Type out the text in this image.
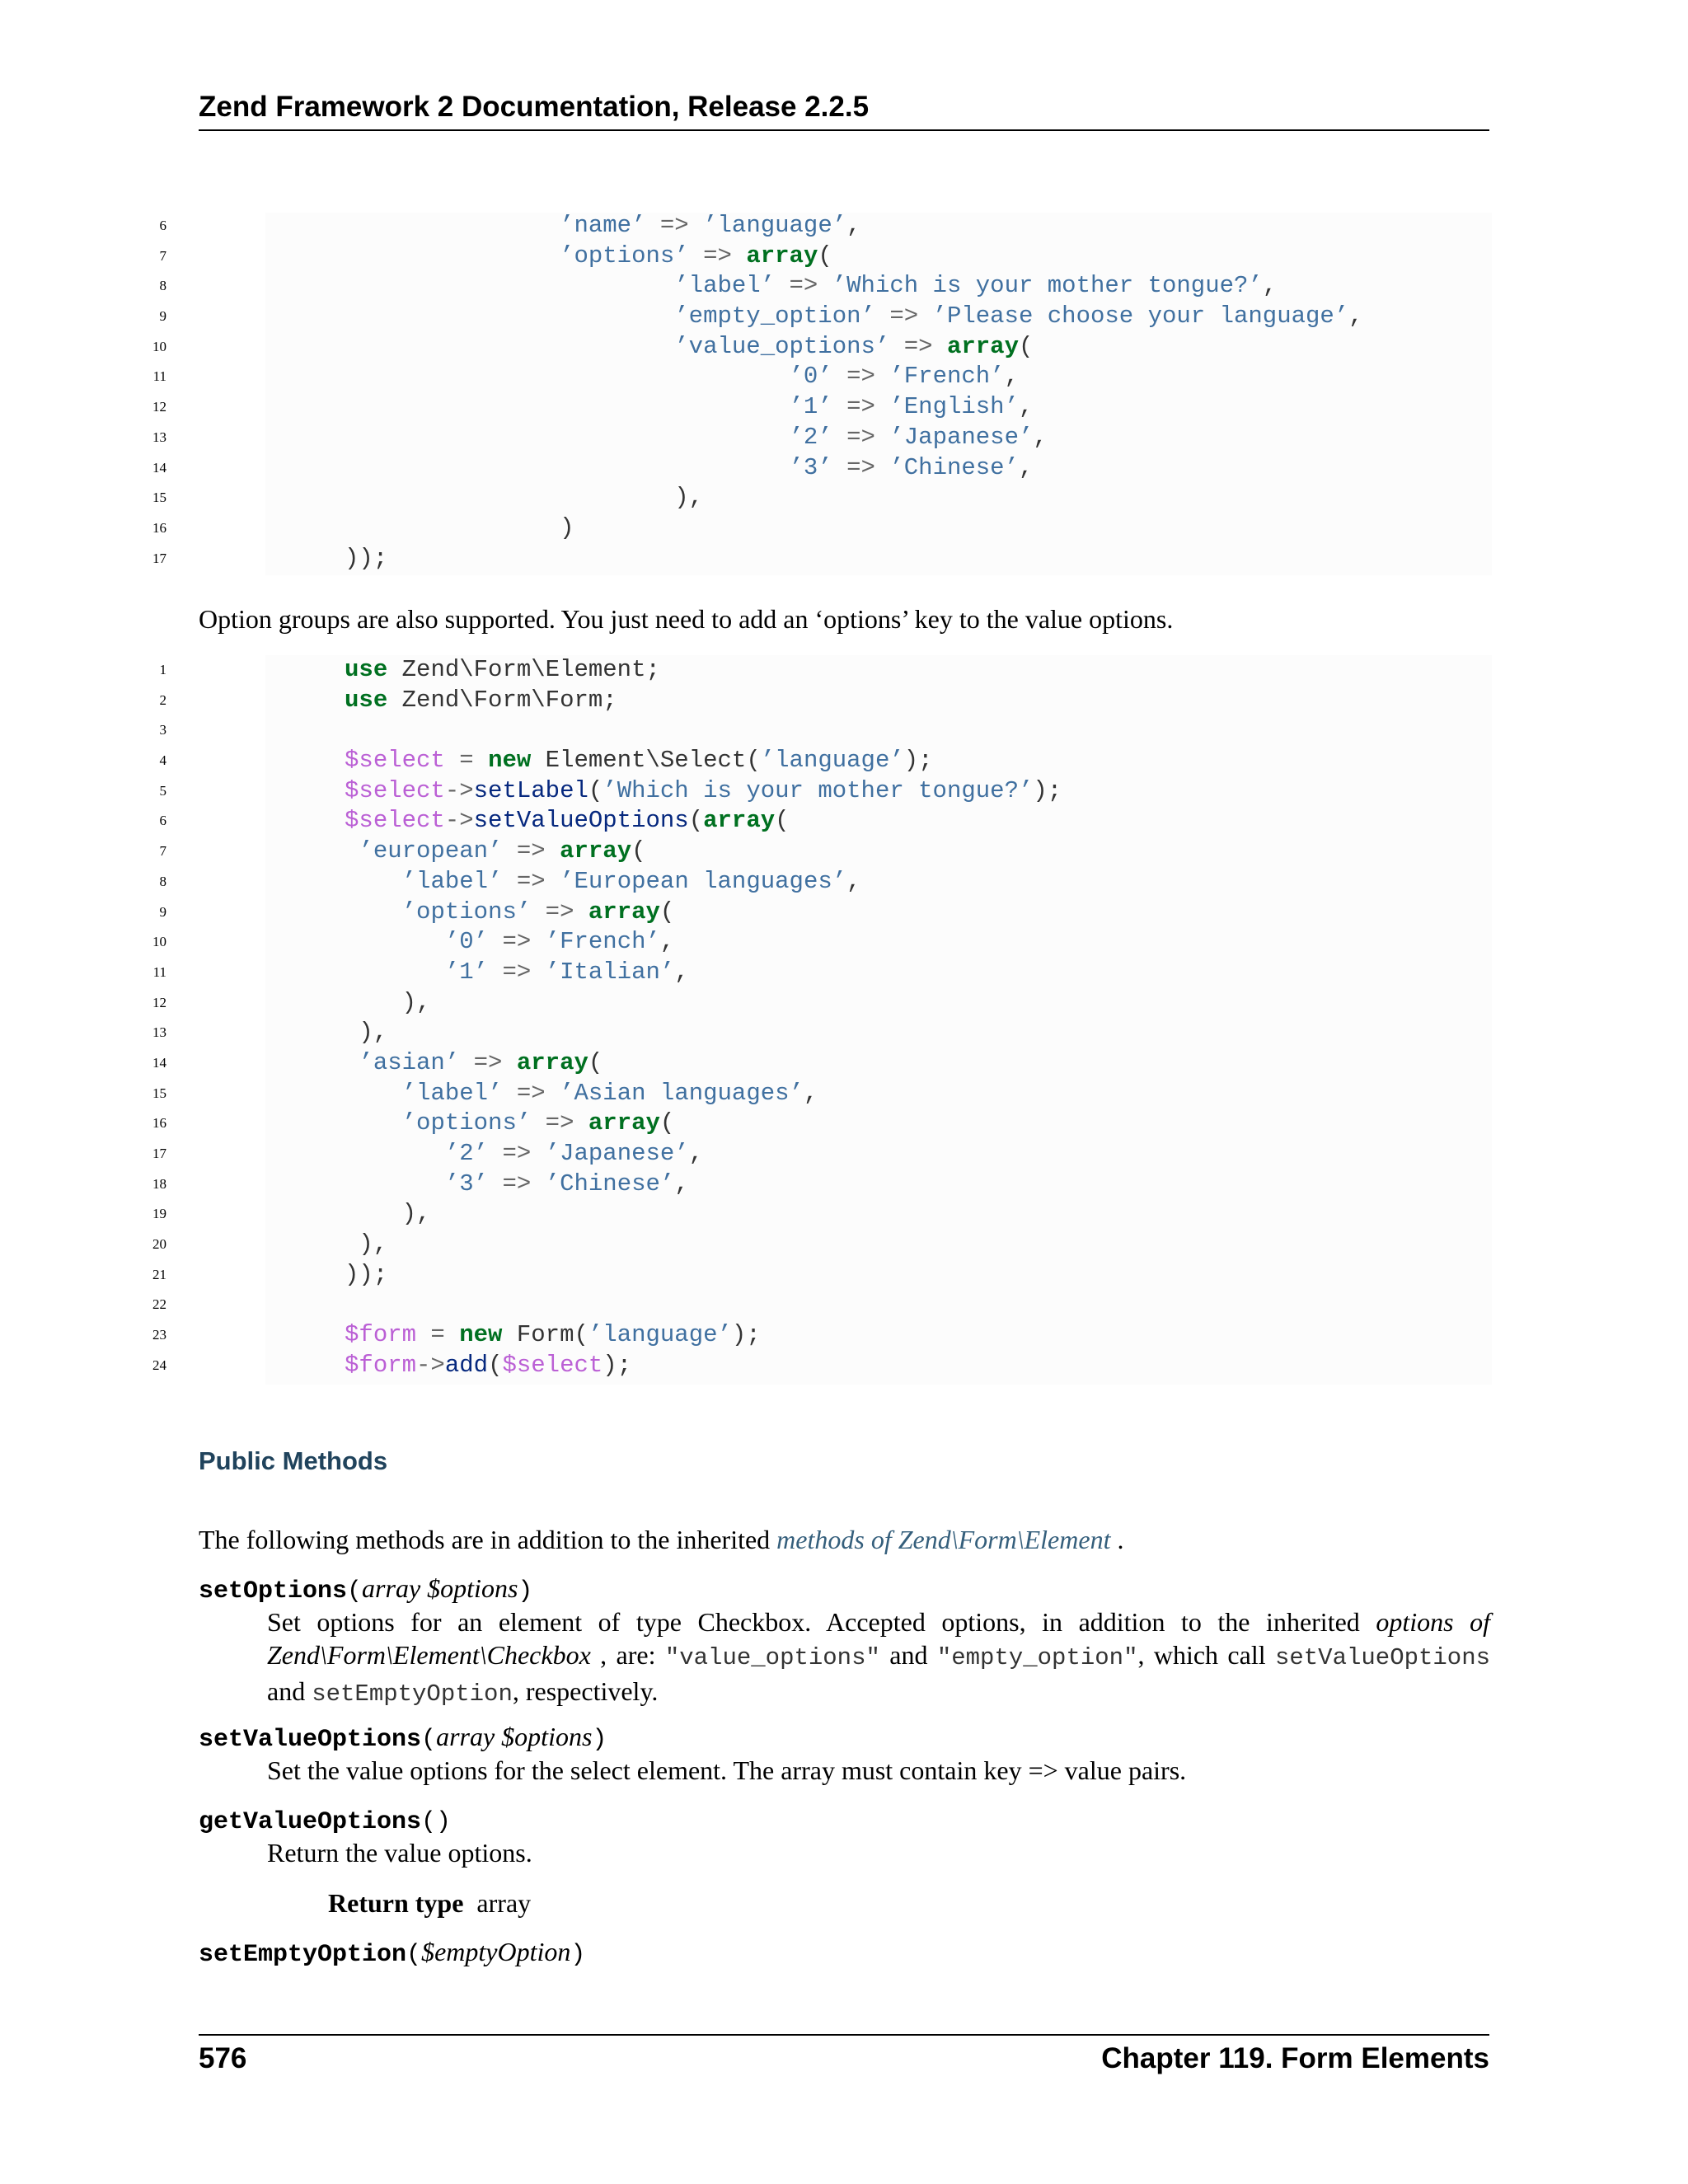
Zend Framework 2 Documentation, Release 2.2.5
6	’name’ => ’language’,
7	’options’ => array(
8	’label’ => ’Which is your mother tongue?’,
9	’empty_option’ => ’Please choose your language’,
10	’value_options’ => array(
11	’0’ => ’French’,
12	’1’ => ’English’,
13	’2’ => ’Japanese’,
14	’3’ => ’Chinese’,
15	),
16	)
17	));
Option groups are also supported. You just need to add an ‘options’ key to the value options.
1	use Zend\Form\Element;
2	use Zend\Form\Form;
3
4	$select = new Element\Select(’language’);
5	$select->setLabel(’Which is your mother tongue?’);
6	$select->setValueOptions(array(
7	’european’ => array(
8	’label’ => ’European languages’,
9	’options’ => array(
10	’0’ => ’French’,
11	’1’ => ’Italian’,
12	),
13	),
14	’asian’ => array(
15	’label’ => ’Asian languages’,
16	’options’ => array(
17	’2’ => ’Japanese’,
18	’3’ => ’Chinese’,
19	),
20	),
21	));
22
23	$form = new Form(’language’);
24	$form->add($select);
Public Methods
The following methods are in addition to the inherited methods of Zend\Form\Element .
setOptions(array $options)
Set options for an element of type Checkbox. Accepted options, in addition to the inherited options of Zend\Form\Element\Checkbox , are: "value_options" and "empty_option", which call setValueOptions and setEmptyOption, respectively.
setValueOptions(array $options)
Set the value options for the select element. The array must contain key => value pairs.
getValueOptions()
Return the value options.
Return type array
setEmptyOption($emptyOption)
576	Chapter 119. Form Elements
